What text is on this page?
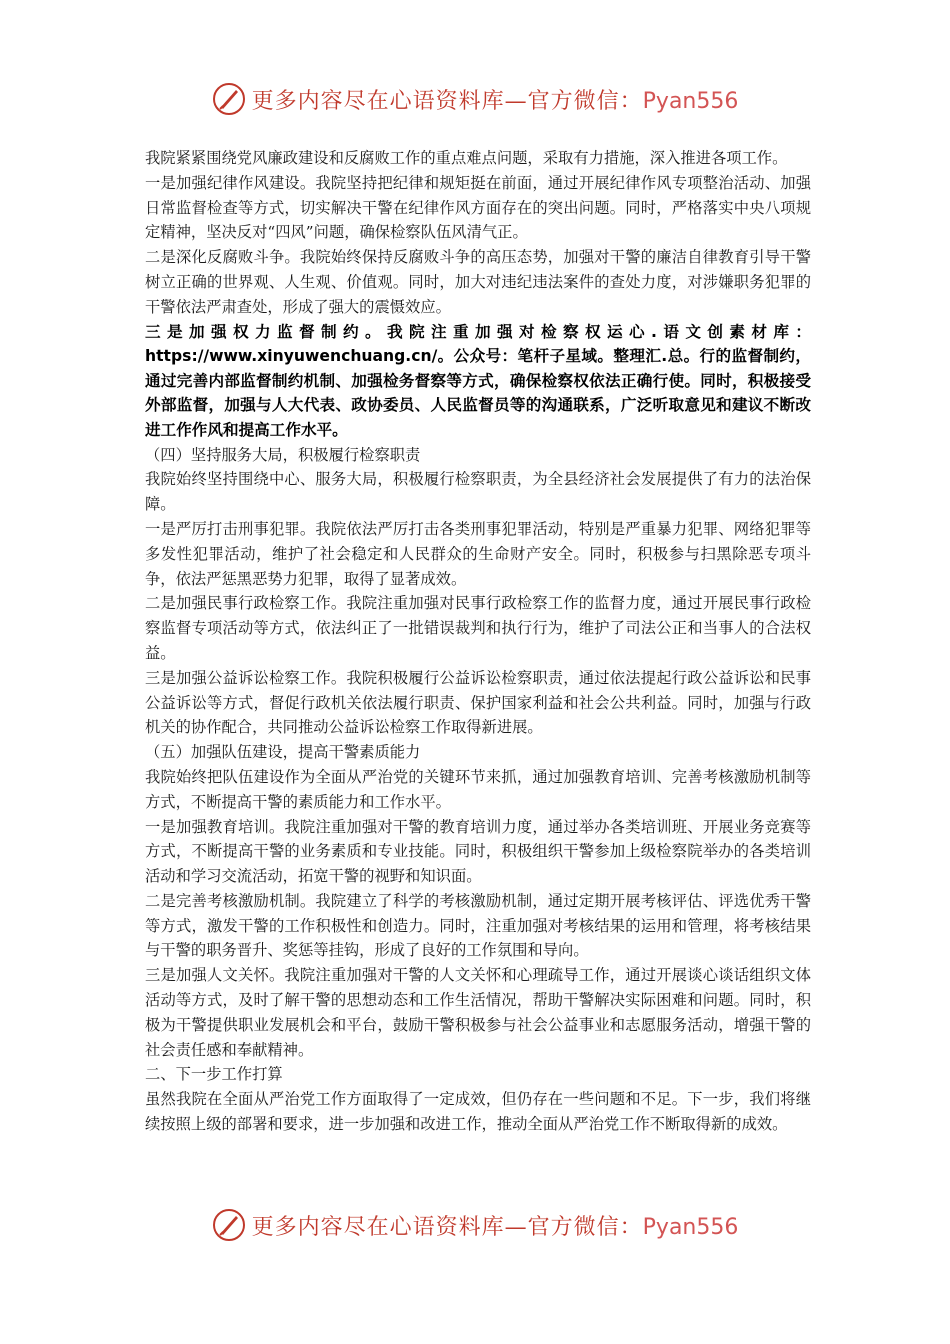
更多内容尽在心语资料库—官方微信：Pyan556

我院紧紧围绕党风廉政建设和反腐败工作的重点难点问题，采取有力措施，深入推进各项工作。

一是加强纪律作风建设。我院坚持把纪律和规矩挺在前面，通过开展纪律作风专项整治活动、加强日常监督检查等方式，切实解决干警在纪律作风方面存在的突出问题。同时，严格落实中央八项规定精神，坚决反对“四风”问题，确保检察队伍风清气正。

二是深化反腐败斗争。我院始终保持反腐败斗争的高压态势，加强对干警的廉洁自律教育引导干警树立正确的世界观、人生观、价值观。同时，加大对违纪违法案件的查处力度，对涉嫌职务犯罪的干警依法严肃查处，形成了强大的震慑效应。

三是加强权力监督制约。我院注重加强对检察权运心.语文创素材库：https://www.xinyuwenchuang.cn/。公众号：笔杆子星域。整理汇.总。行的监督制约，通过完善内部监督制约机制、加强检务督察等方式，确保检察权依法正确行使。同时，积极接受外部监督，加强与人大代表、政协委员、人民监督员等的沟通联系，广泛听取意见和建议不断改进工作作风和提高工作水平。

（四）坚持服务大局，积极履行检察职责

我院始终坚持围绕中心、服务大局，积极履行检察职责，为全县经济社会发展提供了有力的法治保障。

一是严厉打击刑事犯罪。我院依法严厉打击各类刑事犯罪活动，特别是严重暴力犯罪、网络犯罪等多发性犯罪活动，维护了社会稳定和人民群众的生命财产安全。同时，积极参与扫黑除恶专项斗争，依法严惩黑恶势力犯罪，取得了显著成效。

二是加强民事行政检察工作。我院注重加强对民事行政检察工作的监督力度，通过开展民事行政检察监督专项活动等方式，依法纠正了一批错误裁判和执行行为，维护了司法公正和当事人的合法权益。

三是加强公益诉讼检察工作。我院积极履行公益诉讼检察职责，通过依法提起行政公益诉讼和民事公益诉讼等方式，督促行政机关依法履行职责、保护国家利益和社会公共利益。同时，加强与行政机关的协作配合，共同推动公益诉讼检察工作取得新进展。

（五）加强队伍建设，提高干警素质能力

我院始终把队伍建设作为全面从严治党的关键环节来抓，通过加强教育培训、完善考核激励机制等方式，不断提高干警的素质能力和工作水平。

一是加强教育培训。我院注重加强对干警的教育培训力度，通过举办各类培训班、开展业务竞赛等方式，不断提高干警的业务素质和专业技能。同时，积极组织干警参加上级检察院举办的各类培训活动和学习交流活动，拓宽干警的视野和知识面。

二是完善考核激励机制。我院建立了科学的考核激励机制，通过定期开展考核评估、评选优秀干警等方式，激发干警的工作积极性和创造力。同时，注重加强对考核结果的运用和管理，将考核结果与干警的职务晋升、奖惩等挂钩，形成了良好的工作氛围和导向。

三是加强人文关怀。我院注重加强对干警的人文关怀和心理疏导工作，通过开展谈心谈话组织文体活动等方式，及时了解干警的思想动态和工作生活情况，帮助干警解决实际困难和问题。同时，积极为干警提供职业发展机会和平台，鼓励干警积极参与社会公益事业和志愿服务活动，增强干警的社会责任感和奉献精神。

二、下一步工作打算

虽然我院在全面从严治党工作方面取得了一定成效，但仍存在一些问题和不足。下一步，我们将继续按照上级的部署和要求，进一步加强和改进工作，推动全面从严治党工作不断取得新的成效。

更多内容尽在心语资料库—官方微信：Pyan556
